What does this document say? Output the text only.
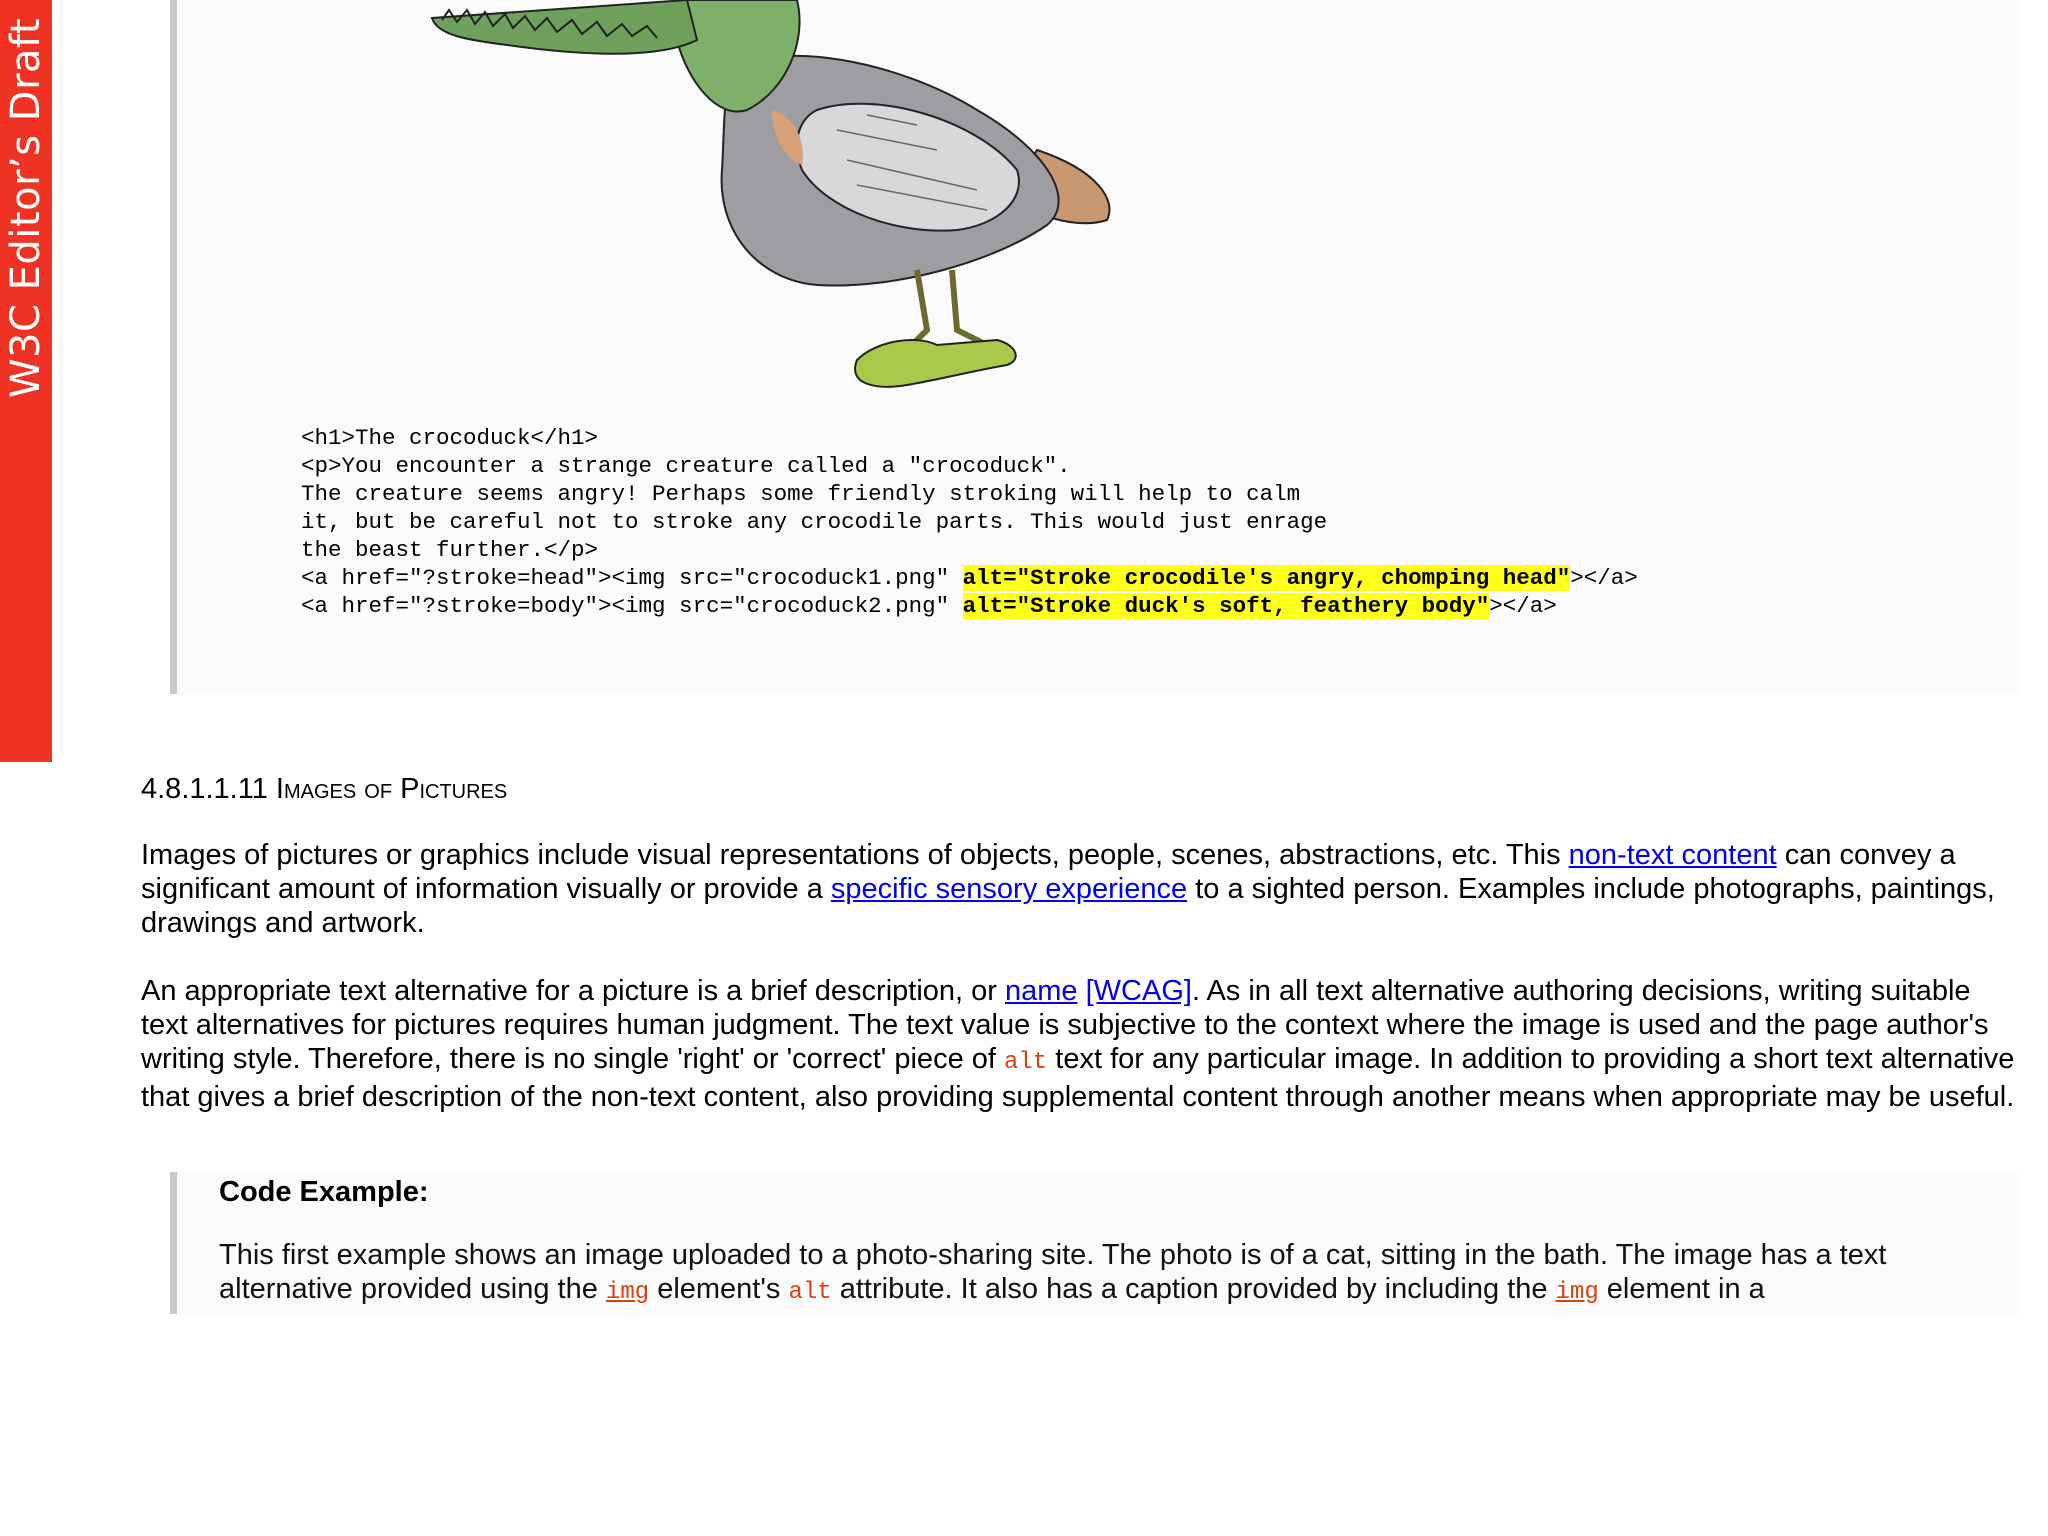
W3C Editor’s Draft
<h1>The crocoduck</h1>
<p>You encounter a strange creature called a "crocoduck".
The creature seems angry! Perhaps some friendly stroking will help to calm
it, but be careful not to stroke any crocodile parts. This would just enrage
the beast further.</p>
<a href="?stroke=head"><img src="crocoduck1.png" alt="Stroke crocodile's angry, chomping head"></a>
<a href="?stroke=body"><img src="crocoduck2.png" alt="Stroke duck's soft, feathery body"></a>
4.8.1.1.11 Images of Pictures

Images of pictures or graphics include visual representations of objects, people, scenes, abstractions, etc. This non-text content can convey a significant amount of information visually or provide a specific sensory experience to a sighted person. Examples include photographs, paintings, drawings and artwork.

An appropriate text alternative for a picture is a brief description, or name [WCAG]. As in all text alternative authoring decisions, writing suitable text alternatives for pictures requires human judgment. The text value is subjective to the context where the image is used and the page author's writing style. Therefore, there is no single 'right' or 'correct' piece of alt text for any particular image. In addition to providing a short text alternative that gives a brief description of the non-text content, also providing supplemental content through another means when appropriate may be useful.

Code Example:

This first example shows an image uploaded to a photo-sharing site. The photo is of a cat, sitting in the bath. The image has a text alternative provided using the img element's alt attribute. It also has a caption provided by including the img element in a
